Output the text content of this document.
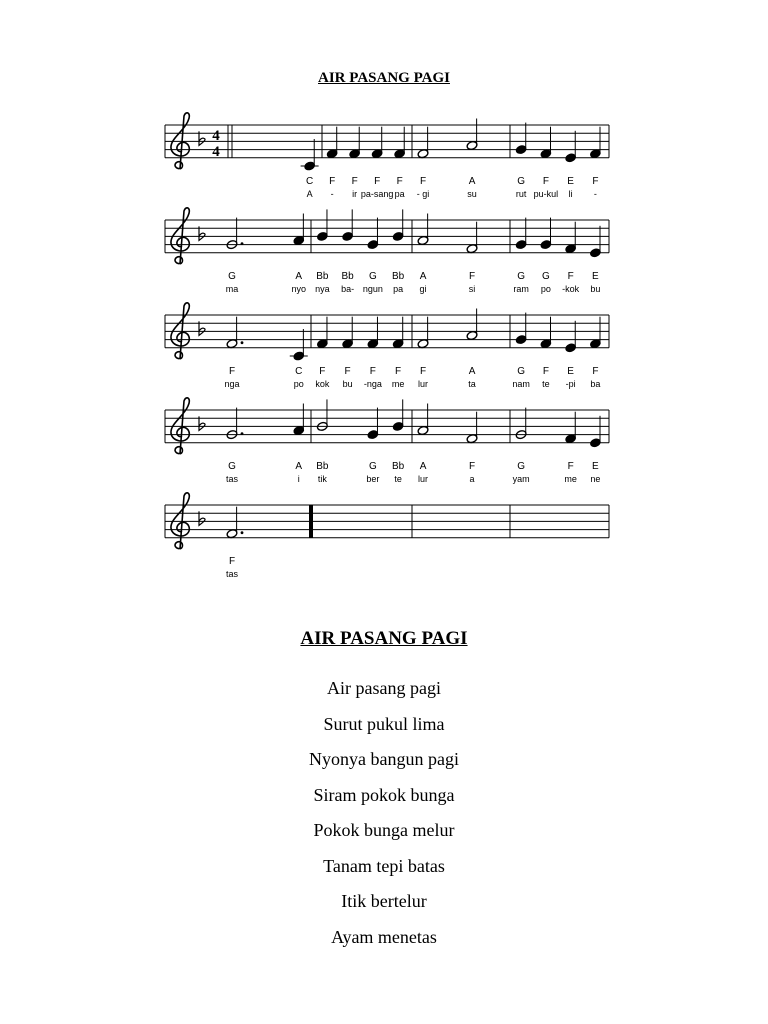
AIR PASANG PAGI
4
4
C
A
F
-
F
ir
F
pa-sang
F
pa
F
- gi
A
su
G
rut
F
pu-kul
E
li
F
-
G
ma
A
nyo
Bb
nya
Bb
ba-
G
ngun
Bb
pa
A
gi
F
si
G
ram
G
po
F
-kok
E
bu
F
nga
C
po
F
kok
F
bu
F
-nga
F
me
F
lur
A
ta
G
nam
F
te
E
-pi
F
ba
G
tas
A
i
Bb
tik
G
ber
Bb
te
A
lur
F
a
G
yam
F
me
E
ne
F
tas
AIR PASANG PAGI
Air pasang pagi
Surut pukul lima
Nyonya bangun pagi
Siram pokok bunga
Pokok bunga melur
Tanam tepi batas
Itik bertelur
Ayam menetas
